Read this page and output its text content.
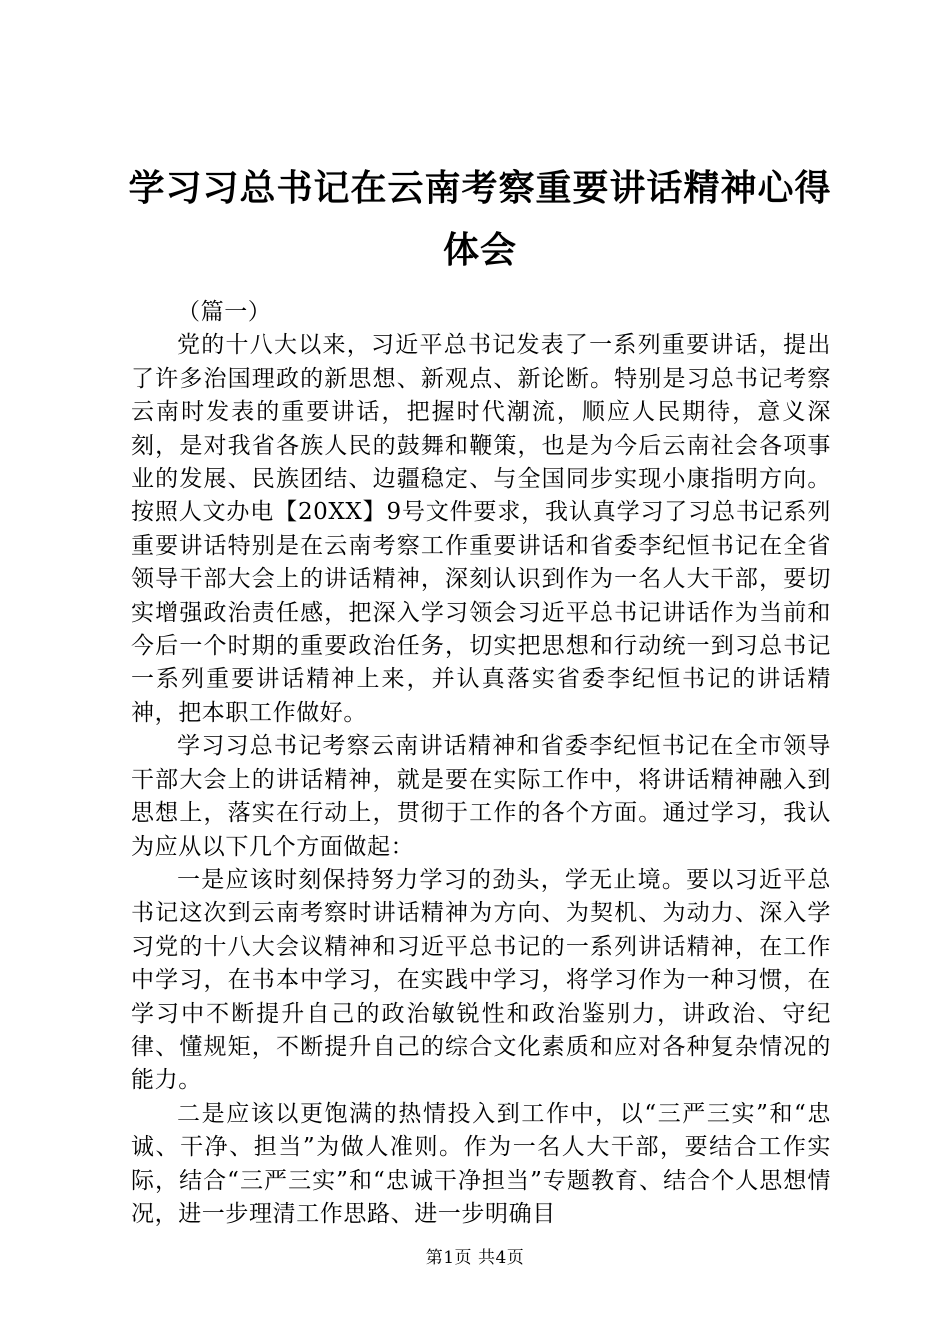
学习习总书记在云南考察重要讲话精神心得体会

（篇一）

党的十八大以来，习近平总书记发表了一系列重要讲话，提出了许多治国理政的新思想、新观点、新论断。特别是习总书记考察云南时发表的重要讲话，把握时代潮流，顺应人民期待，意义深刻，是对我省各族人民的鼓舞和鞭策，也是为今后云南社会各项事业的发展、民族团结、边疆稳定、与全国同步实现小康指明方向。按照人文办电【20XX】9号文件要求，我认真学习了习总书记系列重要讲话特别是在云南考察工作重要讲话和省委李纪恒书记在全省领导干部大会上的讲话精神，深刻认识到作为一名人大干部，要切实增强政治责任感，把深入学习领会习近平总书记讲话作为当前和今后一个时期的重要政治任务，切实把思想和行动统一到习总书记一系列重要讲话精神上来，并认真落实省委李纪恒书记的讲话精神，把本职工作做好。

学习习总书记考察云南讲话精神和省委李纪恒书记在全市领导干部大会上的讲话精神，就是要在实际工作中，将讲话精神融入到思想上，落实在行动上，贯彻于工作的各个方面。通过学习，我认为应从以下几个方面做起：

一是应该时刻保持努力学习的劲头，学无止境。要以习近平总书记这次到云南考察时讲话精神为方向、为契机、为动力、深入学习党的十八大会议精神和习近平总书记的一系列讲话精神，在工作中学习，在书本中学习，在实践中学习，将学习作为一种习惯，在学习中不断提升自己的政治敏锐性和政治鉴别力，讲政治、守纪律、懂规矩，不断提升自己的综合文化素质和应对各种复杂情况的能力。

二是应该以更饱满的热情投入到工作中，以“三严三实”和“忠诚、干净、担当”为做人准则。作为一名人大干部，要结合工作实际，结合“三严三实”和“忠诚干净担当”专题教育、结合个人思想情况，进一步理清工作思路、进一步明确目

第1页 共4页
